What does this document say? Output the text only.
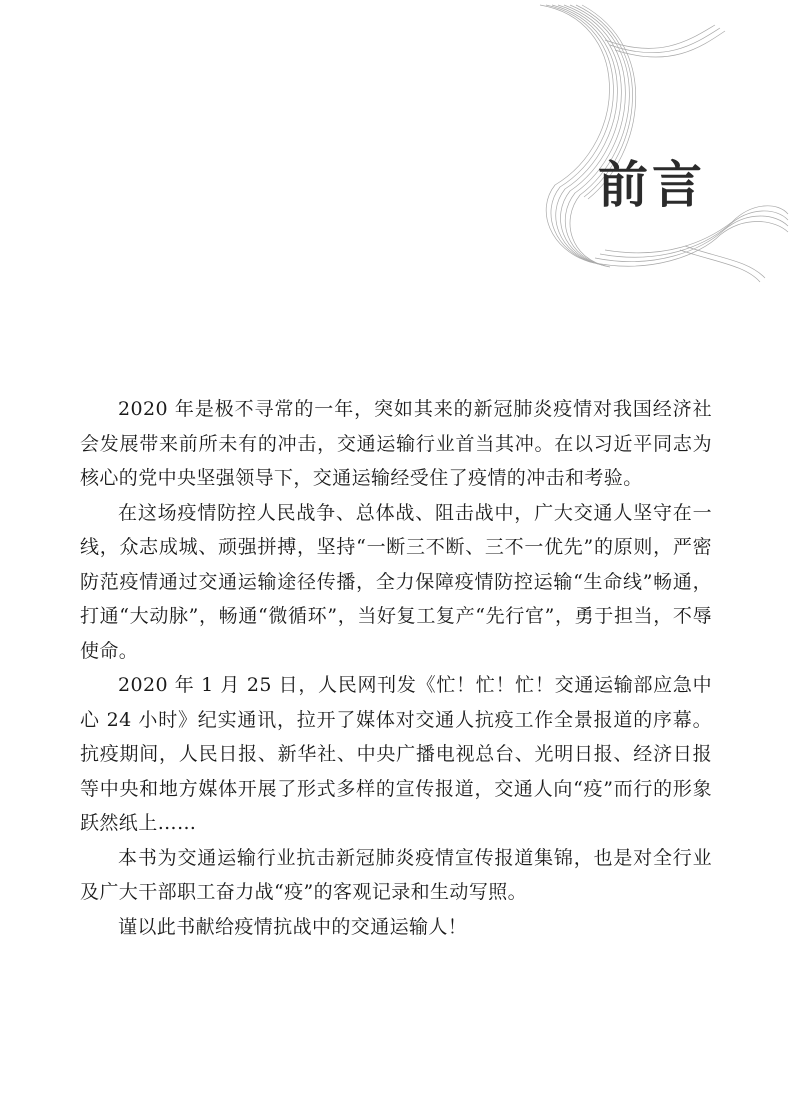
前言

2020 年是极不寻常的一年，突如其来的新冠肺炎疫情对我国经济社会发展带来前所未有的冲击，交通运输行业首当其冲。在以习近平同志为核心的党中央坚强领导下，交通运输经受住了疫情的冲击和考验。

在这场疫情防控人民战争、总体战、阻击战中，广大交通人坚守在一线，众志成城、顽强拼搏，坚持“一断三不断、三不一优先”的原则，严密防范疫情通过交通运输途径传播，全力保障疫情防控运输“生命线”畅通，打通“大动脉”，畅通“微循环”，当好复工复产“先行官”，勇于担当，不辱使命。

2020 年 1 月 25 日，人民网刊发《忙！忙！忙！交通运输部应急中心 24 小时》纪实通讯，拉开了媒体对交通人抗疫工作全景报道的序幕。抗疫期间，人民日报、新华社、中央广播电视总台、光明日报、经济日报等中央和地方媒体开展了形式多样的宣传报道，交通人向“疫”而行的形象跃然纸上……

本书为交通运输行业抗击新冠肺炎疫情宣传报道集锦，也是对全行业及广大干部职工奋力战“疫”的客观记录和生动写照。

谨以此书献给疫情抗战中的交通运输人！
